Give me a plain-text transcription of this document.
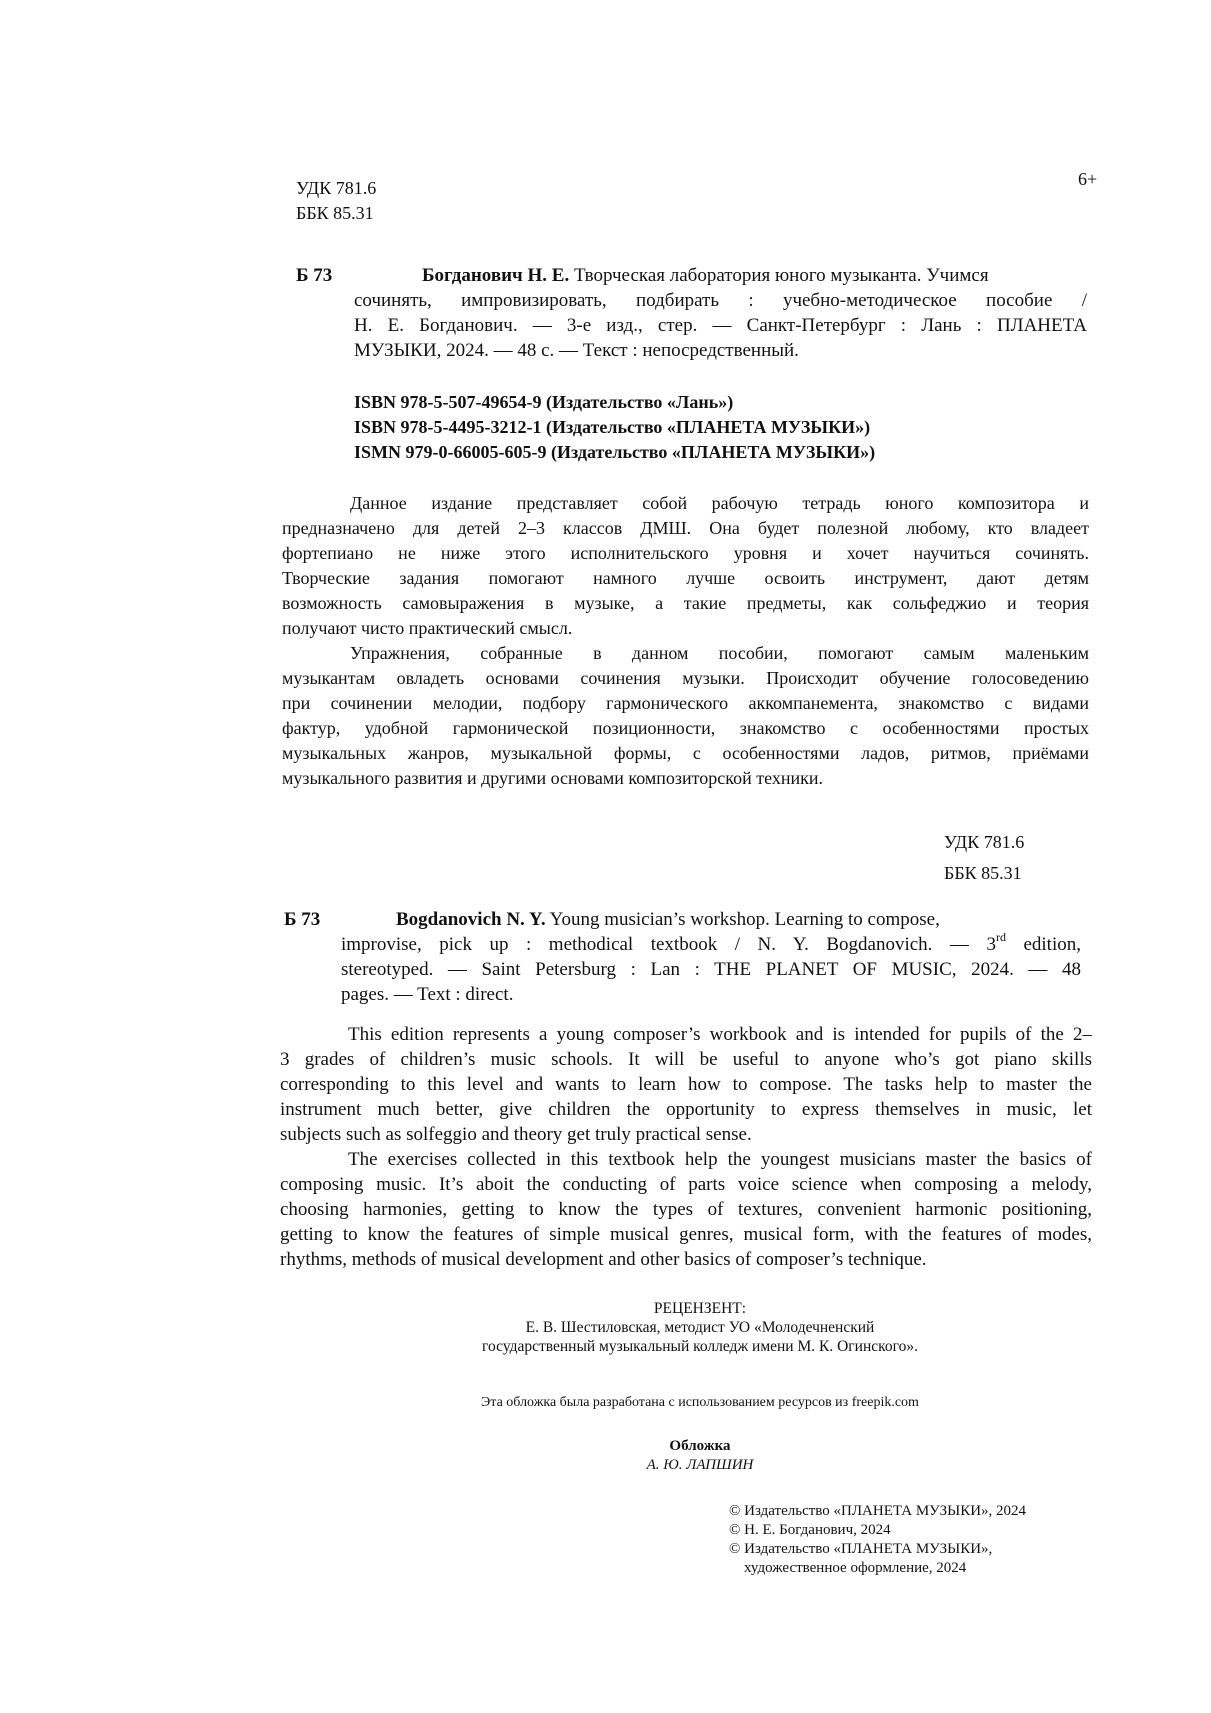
УДК 781.6
ББК 85.31
6+
Б 73	Богданович Н. Е. Творческая лаборатория юного музыканта. Учимся
сочинять, импровизировать, подбирать : учебно-методическое пособие /
Н. Е. Богданович. — 3-е изд., стер. — Санкт-Петербург : Лань : ПЛАНЕТА
МУЗЫКИ, 2024. — 48 с. — Текст : непосредственный.
ISBN 978-5-507-49654-9 (Издательство «Лань»)
ISBN 978-5-4495-3212-1 (Издательство «ПЛАНЕТА МУЗЫКИ»)
ISMN 979-0-66005-605-9 (Издательство «ПЛАНЕТА МУЗЫКИ»)
Данное издание представляет собой рабочую тетрадь юного композитора и
предназначено для детей 2–3 классов ДМШ. Она будет полезной любому, кто владеет
фортепиано не ниже этого исполнительского уровня и хочет научиться сочинять.
Творческие задания помогают намного лучше освоить инструмент, дают детям
возможность самовыражения в музыке, а такие предметы, как сольфеджио и теория
получают чисто практический смысл.
Упражнения, собранные в данном пособии, помогают самым маленьким
музыкантам овладеть основами сочинения музыки. Происходит обучение голосоведению
при сочинении мелодии, подбору гармонического аккомпанемента, знакомство с видами
фактур, удобной гармонической позиционности, знакомство с особенностями простых
музыкальных жанров, музыкальной формы, с особенностями ладов, ритмов, приёмами
музыкального развития и другими основами композиторской техники.
УДК 781.6
ББК 85.31
Б 73	Bogdanovich N. Y. Young musician’s workshop. Learning to compose,
improvise, pick up : methodical textbook / N. Y. Bogdanovich. — 3rd edition,
stereotyped. — Saint Petersburg : Lan : THE PLANET OF MUSIC, 2024. — 48
pages. — Text : direct.
This edition represents a young composer’s workbook and is intended for pupils of the 2–
3 grades of children’s music schools. It will be useful to anyone who’s got piano skills
corresponding to this level and wants to learn how to compose. The tasks help to master the
instrument much better, give children the opportunity to express themselves in music, let
subjects such as solfeggio and theory get truly practical sense.
The exercises collected in this textbook help the youngest musicians master the basics of
composing music. It’s aboit the conducting of parts voice science when composing a melody,
choosing harmonies, getting to know the types of textures, convenient harmonic positioning,
getting to know the features of simple musical genres, musical form, with the features of modes,
rhythms, methods of musical development and other basics of composer’s technique.
РЕЦЕНЗЕНТ:
Е. В. Шестиловская, методист УО «Молодечненский
государственный музыкальный колледж имени М. К. Огинского».
Эта обложка была разработана с использованием ресурсов из freepik.com
Обложка
А. Ю. ЛАПШИН
© Издательство «ПЛАНЕТА МУЗЫКИ», 2024
© Н. Е. Богданович, 2024
© Издательство «ПЛАНЕТА МУЗЫКИ»,
художественное оформление, 2024
